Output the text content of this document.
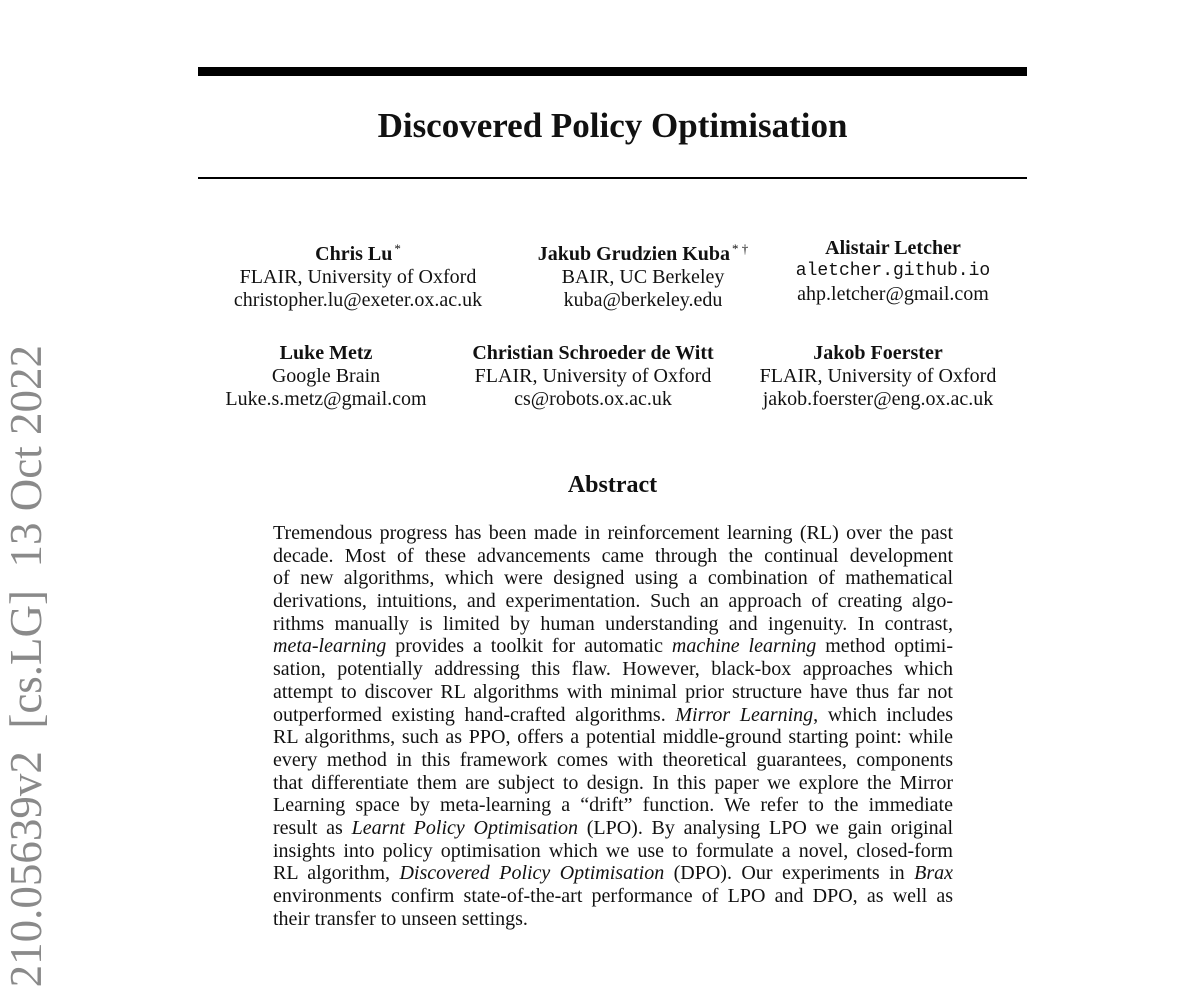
210.05639v2  [cs.LG]  13 Oct 2022
Discovered Policy Optimisation
Chris Lu *
FLAIR, University of Oxford
christopher.lu@exeter.ox.ac.uk
Jakub Grudzien Kuba * †
BAIR, UC Berkeley
kuba@berkeley.edu
Alistair Letcher
aletcher.github.io
ahp.letcher@gmail.com
Luke Metz
Google Brain
Luke.s.metz@gmail.com
Christian Schroeder de Witt
FLAIR, University of Oxford
cs@robots.ox.ac.uk
Jakob Foerster
FLAIR, University of Oxford
jakob.foerster@eng.ox.ac.uk
Abstract
Tremendous progress has been made in reinforcement learning (RL) over the past
decade. Most of these advancements came through the continual development
of new algorithms, which were designed using a combination of mathematical
derivations, intuitions, and experimentation. Such an approach of creating algo-
rithms manually is limited by human understanding and ingenuity. In contrast,
meta-learning provides a toolkit for automatic machine learning method optimi-
sation, potentially addressing this flaw. However, black-box approaches which
attempt to discover RL algorithms with minimal prior structure have thus far not
outperformed existing hand-crafted algorithms. Mirror Learning, which includes
RL algorithms, such as PPO, offers a potential middle-ground starting point: while
every method in this framework comes with theoretical guarantees, components
that differentiate them are subject to design. In this paper we explore the Mirror
Learning space by meta-learning a “drift” function. We refer to the immediate
result as Learnt Policy Optimisation (LPO). By analysing LPO we gain original
insights into policy optimisation which we use to formulate a novel, closed-form
RL algorithm, Discovered Policy Optimisation (DPO). Our experiments in Brax
environments confirm state-of-the-art performance of LPO and DPO, as well as
their transfer to unseen settings.
